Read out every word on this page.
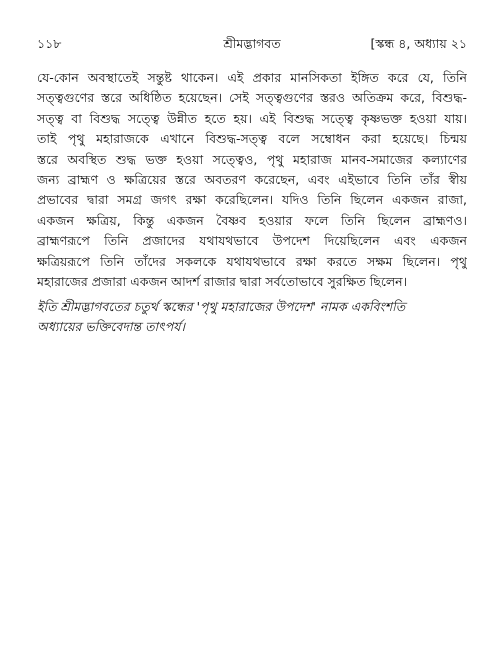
১১৮	শ্রীমদ্ভাগবত	[স্কন্ধ ৪, অধ্যায় ২১
যে-কোন অবস্থাতেই সন্তুষ্ট থাকেন। এই প্রকার মানসিকতা ইঙ্গিত করে যে, তিনি
সত্ত্বগুণের স্তরে অধিষ্ঠিত হয়েছেন। সেই সত্ত্বগুণের স্তরও অতিক্রম করে, বিশুদ্ধ-
সত্ত্ব বা বিশুদ্ধ সত্ত্বে উন্নীত হতে হয়। এই বিশুদ্ধ সত্ত্বে কৃষ্ণভক্ত হওয়া যায়।
তাই পৃথু মহারাজকে এখানে বিশুদ্ধ-সত্ত্ব বলে সম্বোধন করা হয়েছে। চিন্ময়
স্তরে অবস্থিত শুদ্ধ ভক্ত হওয়া সত্ত্বেও, পৃথু মহারাজ মানব-সমাজের কল্যাণের
জন্য ব্রাহ্মণ ও ক্ষত্রিয়ের স্তরে অবতরণ করেছেন, এবং এইভাবে তিনি তাঁর স্বীয়
প্রভাবের দ্বারা সমগ্র জগৎ রক্ষা করেছিলেন। যদিও তিনি ছিলেন একজন রাজা,
একজন ক্ষত্রিয়, কিন্তু একজন বৈষ্ণব হওয়ার ফলে তিনি ছিলেন ব্রাহ্মণও।
ব্রাহ্মণরূপে তিনি প্রজাদের যথাযথভাবে উপদেশ দিয়েছিলেন এবং একজন
ক্ষত্রিয়রূপে তিনি তাঁদের সকলকে যথাযথভাবে রক্ষা করতে সক্ষম ছিলেন। পৃথু
মহারাজের প্রজারা একজন আদর্শ রাজার দ্বারা সর্বতোভাবে সুরক্ষিত ছিলেন।
ইতি শ্রীমদ্ভাগবতের চতুর্থ স্কন্ধের 'পৃথু মহারাজের উপদেশ' নামক একবিংশতি
অধ্যায়ের ভক্তিবেদান্ত তাৎপর্য।
